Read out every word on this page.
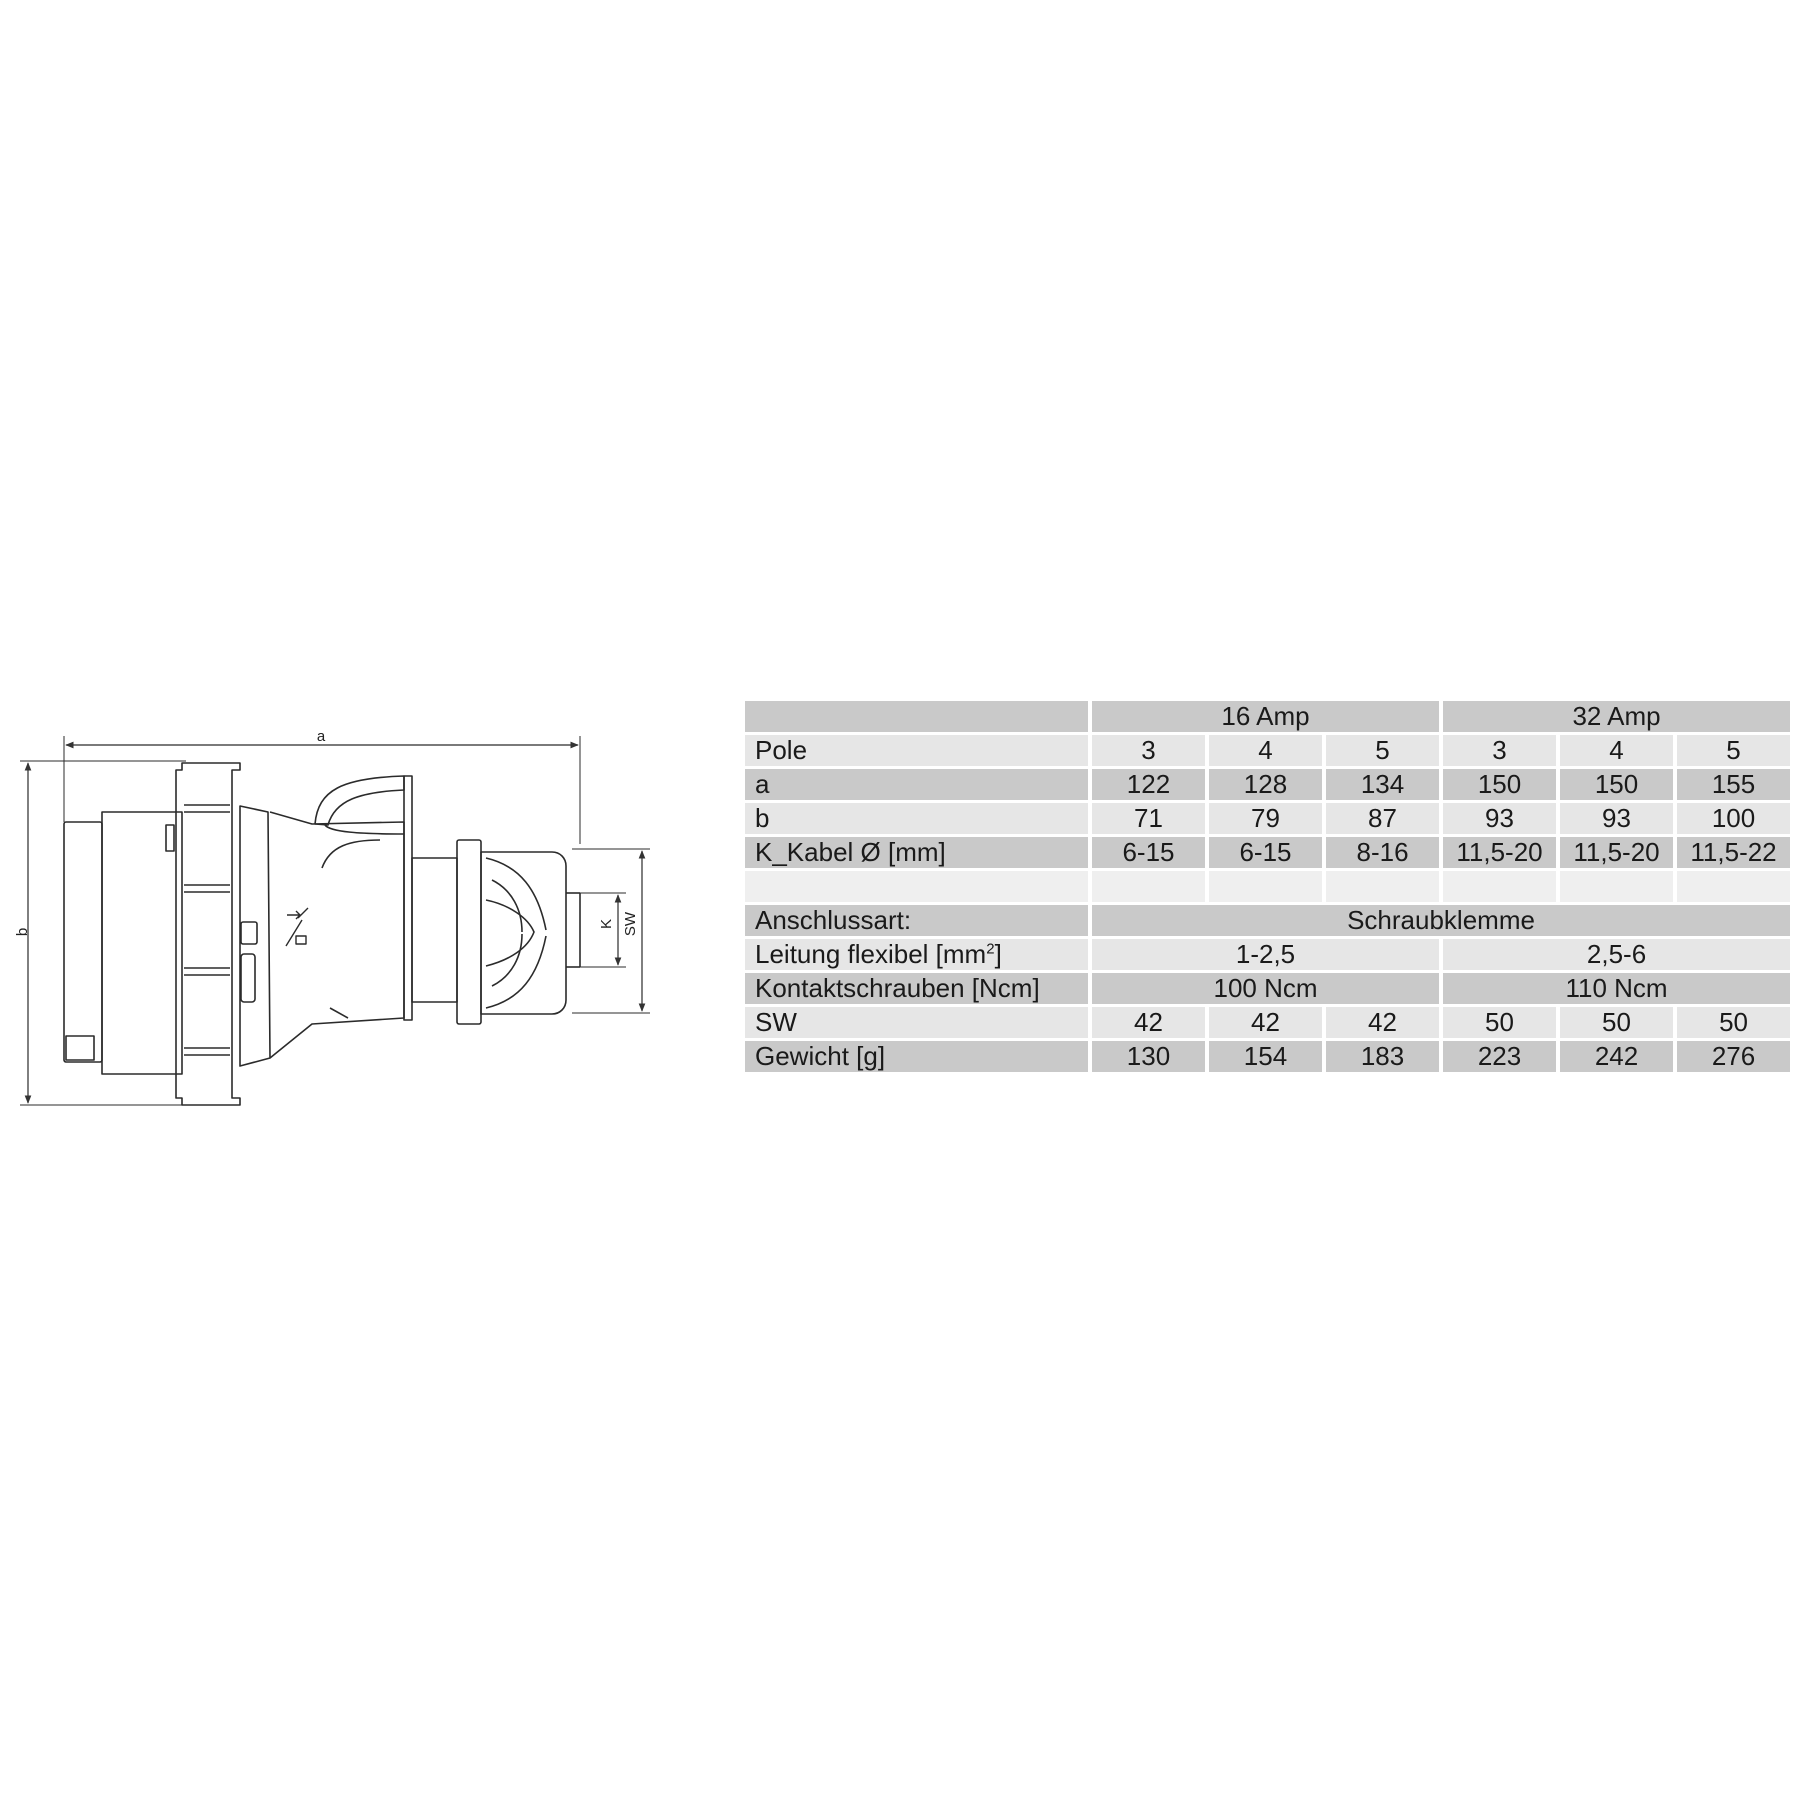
a
b
K SW
	16 Amp			32 Amp		
Pole	3	4	5	3	4	5
a	122	128	134	150	150	155
b	71	79	87	93	93	100
K_Kabel Ø [mm]	6-15	6-15	8-16	11,5-20	11,5-20	11,5-22

Anschlussart:	Schraubklemme					
Leitung flexibel $[mm^2]$	1-2,5			2,5-6		
Kontaktschrauben [Ncm]	100 Ncm			110 Ncm		
SW	42	42	42	50	50	50
Gewicht [g]	130	154	183	223	242	276
